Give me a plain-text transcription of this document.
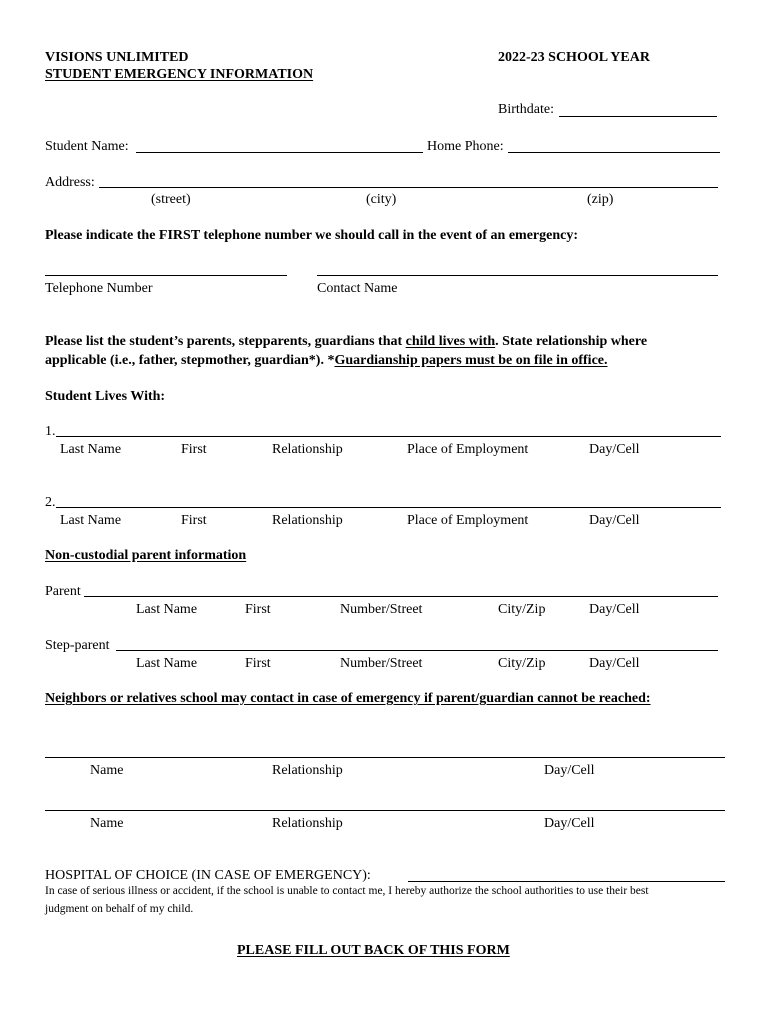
VISIONS UNLIMITED
STUDENT EMERGENCY INFORMATION
2022-23 SCHOOL YEAR
Birthdate:
Student Name:	Home Phone:
Address:
(street)	(city)	(zip)
Please indicate the FIRST telephone number we should call in the event of an emergency:
Telephone Number	Contact Name
Please list the student’s parents, stepparents, guardians that child lives with. State relationship where
applicable (i.e., father, stepmother, guardian*). *Guardianship papers must be on file in office.
Student Lives With:
1.
Last Name	First	Relationship	Place of Employment	Day/Cell
2.
Last Name	First	Relationship	Place of Employment	Day/Cell
Non-custodial parent information
Parent
Last Name	First	Number/Street	City/Zip	Day/Cell
Step-parent
Last Name	First	Number/Street	City/Zip	Day/Cell
Neighbors or relatives school may contact in case of emergency if parent/guardian cannot be reached:
Name	Relationship	Day/Cell
Name	Relationship	Day/Cell
HOSPITAL OF CHOICE (IN CASE OF EMERGENCY):
In case of serious illness or accident, if the school is unable to contact me, I hereby authorize the school authorities to use their best
judgment on behalf of my child.
PLEASE FILL OUT BACK OF THIS FORM
